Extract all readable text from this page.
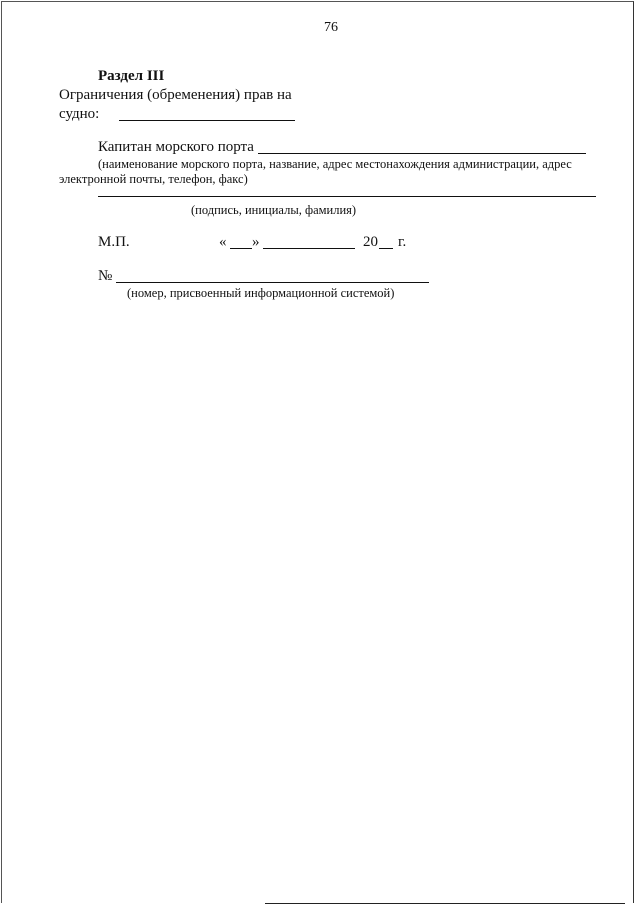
76
Раздел III
Ограничения (обременения) прав на
судно:
Капитан морского порта
(наименование морского порта, название, адрес местонахождения администрации, адрес
электронной почты, телефон, факс)
(подпись, инициалы, фамилия)
М.П.	« »	20 г.
№
(номер, присвоенный информационной системой)
